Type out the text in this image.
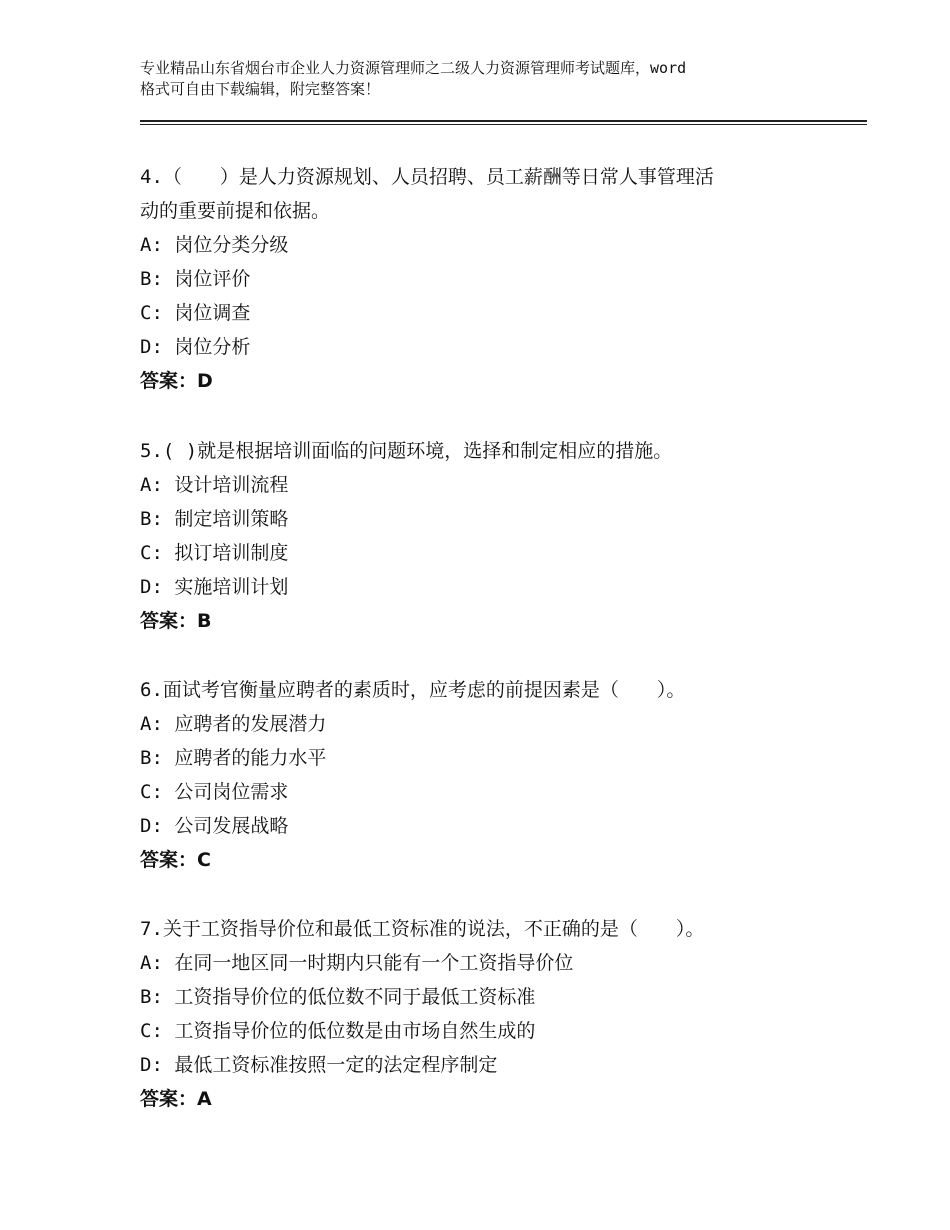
专业精品山东省烟台市企业人力资源管理师之二级人力资源管理师考试题库，word
格式可自由下载编辑，附完整答案！
4.（　　）是人力资源规划、人员招聘、员工薪酬等日常人事管理活
动的重要前提和依据。
A: 岗位分类分级
B: 岗位评价
C: 岗位调查
D: 岗位分析
答案：D
5.( )就是根据培训面临的问题环境，选择和制定相应的措施。
A: 设计培训流程
B: 制定培训策略
C: 拟订培训制度
D: 实施培训计划
答案：B
6.面试考官衡量应聘者的素质时，应考虑的前提因素是（　　）。
A: 应聘者的发展潜力
B: 应聘者的能力水平
C: 公司岗位需求
D: 公司发展战略
答案：C
7.关于工资指导价位和最低工资标准的说法，不正确的是（　　）。
A: 在同一地区同一时期内只能有一个工资指导价位
B: 工资指导价位的低位数不同于最低工资标准
C: 工资指导价位的低位数是由市场自然生成的
D: 最低工资标准按照一定的法定程序制定
答案：A
